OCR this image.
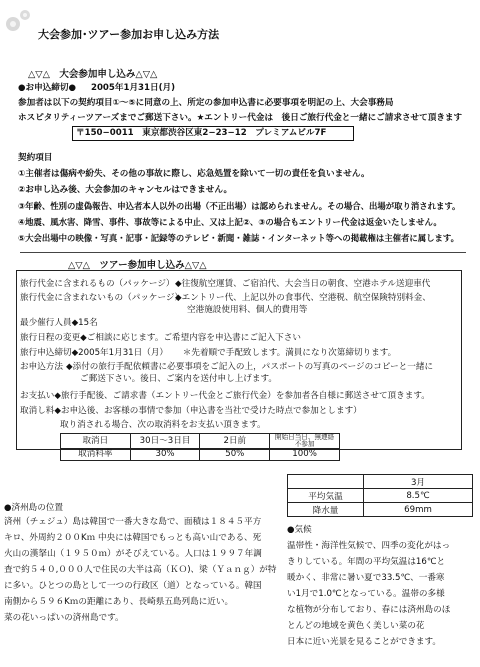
大会参加･ツアー参加お申し込み方法
△▽△　大会参加申し込み△▽△
●お申込締切● 2005年1月31日(月)
参加者は以下の契約項目①～⑤に同意の上、所定の参加申込書に必要事項を明記の上、大会事務局
ホスピタリティーツアーズまでご郵送下さい。★エントリー代金は　後日ご旅行代金と一緒にご請求させて頂きます
〒150−0011　東京都渋谷区東2−23−12　プレミアムビル7F
契約項目
①主催者は傷病や紛失、その他の事故に際し、応急処置を除いて一切の責任を負いません。
②お申し込み後、大会参加のキャンセルはできません。
③年齢、性別の虚偽報告、申込者本人以外の出場（不正出場）は認められません。その場合、出場が取り消されます。
④地震、風水害、降雪、事件、事故等による中止、又は上記②、③の場合もエントリー代金は返金いたしません。
⑤大会出場中の映像・写真・記事・記録等のテレビ・新聞・雑誌・インターネット等への掲載権は主催者に属します。
△▽△　ツアー参加申し込み△▽△
旅行代金に含まれるもの（パッケージ） ◆往復航空運賃、ご宿泊代、大会当日の朝食、空港ホテル送迎車代
旅行代金に含まれないもの（パッケージ）
◆エントリー代、上記以外の食事代、空港税、航空保険特別料金、
空港施設使用料、個人的費用等
最少催行人員◆15名
旅行日程の変更◆ご相談に応じます。ご希望内容を申込書にご記入下さい
旅行申込締切◆2005年1月31日（月） ＊先着順で手配致します。満員になり次第締切ります。
お申込方法 ◆添付の旅行手配依頼書に必要事項をご記入の上，パスポートの写真のページのコピーと一緒に
ご郵送下さい。後日、ご案内を送付申し上げます。
お支払い◆旅行手配後、ご請求書（エントリー代金とご旅行代金）を参加者各自様に郵送させて頂きます。
取消し料◆お申込後、お客様の事情で参加（申込書を当社で受けた時点で参加とします）
取り消される場合、次の取消料をお支払い頂きます。
取消日	30日～3日目	2日前	開始日当日、無連絡不参加
取消料率	30%	50%	100%
	3月
平均気温	8.5℃
降水量	69mm
●済州島の位置
済州（チェジュ）島は韓国で一番大きな島で、面積は１８４５平方
キロ、外周約２００Kｍ 中央には韓国でもっとも高い山である、死
火山の漢拏山（１９５０ｍ）がそびえている。人口は１９９７年調
査で約５４０,０００人で住民の大半は高（ＫＯ)、梁（Ｙａｎｇ）が特
に多い。ひとつの島として一つの行政区（道）となっている。韓国
南側から５９６Kｍの距離にあり、長崎県五島列島に近い。
菜の花いっぱいの済州島です。
●気候
温帯性・海洋性気候で、四季の変化がはっ
きりしている。年間の平均気温は16℃と
暖かく、非常に暑い夏で33.5℃、一番寒
い1月で1.0℃となっている。温帯の多様
な植物が分布しており、春には済州島のほ
とんどの地域を黄色く美しい菜の花
日本に近い光景を見ることができます。
